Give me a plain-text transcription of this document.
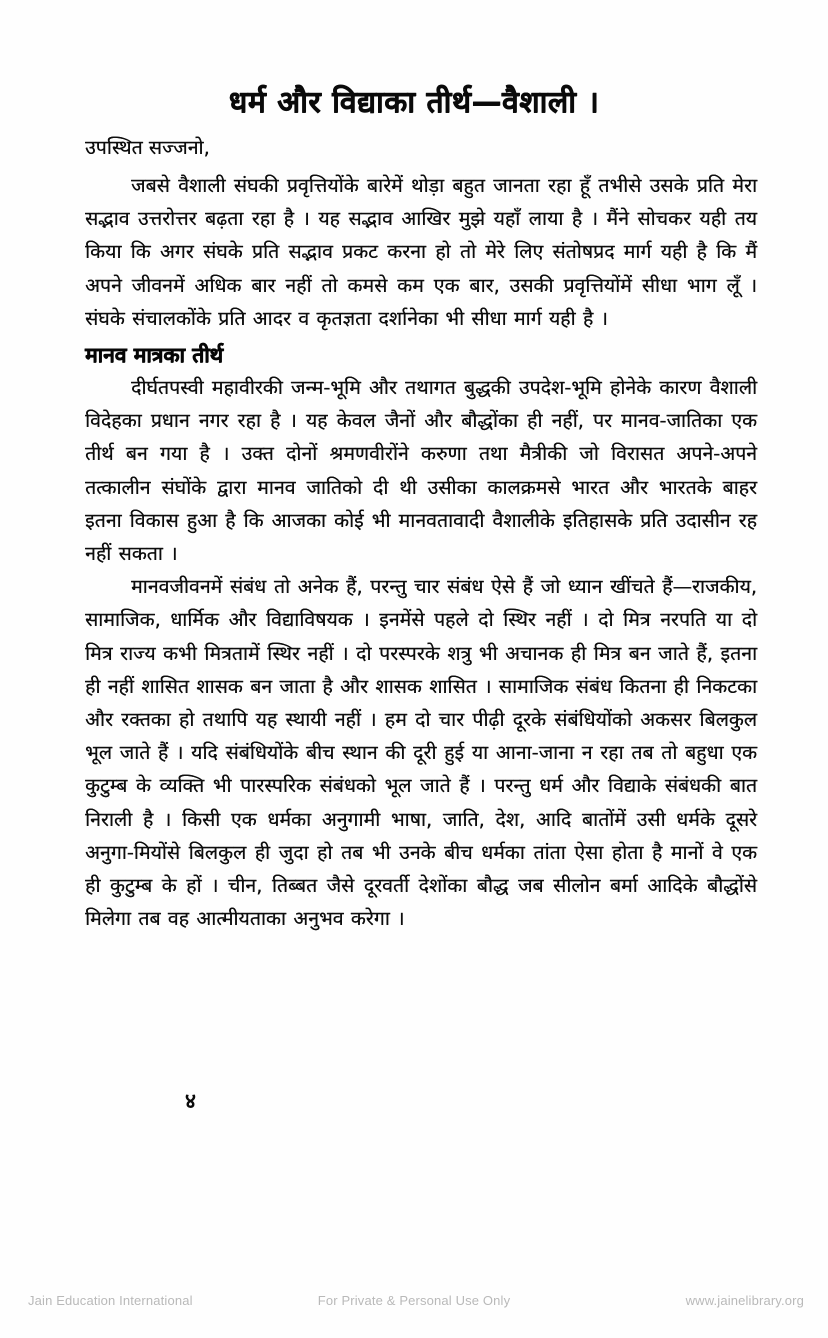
धर्म और विद्याका तीर्थ—वैशाली ।

उपस्थित सज्जनो,

जबसे वैशाली संघकी प्रवृत्तियोंके बारेमें थोड़ा बहुत जानता रहा हूँ तभीसे उसके प्रति मेरा सद्भाव उत्तरोत्तर बढ़ता रहा है । यह सद्भाव आखिर मुझे यहाँ लाया है । मैंने सोचकर यही तय किया कि अगर संघके प्रति सद्भाव प्रकट करना हो तो मेरे लिए संतोषप्रद मार्ग यही है कि मैं अपने जीवनमें अधिक बार नहीं तो कमसे कम एक बार, उसकी प्रवृत्तियोंमें सीधा भाग लूँ । संघके संचालकोंके प्रति आदर व कृतज्ञता दर्शानेका भी सीधा मार्ग यही है ।

मानव मात्रका तीर्थ

दीर्घतपस्वी महावीरकी जन्म-भूमि और तथागत बुद्धकी उपदेश-भूमि होनेके कारण वैशाली विदेहका प्रधान नगर रहा है । यह केवल जैनों और बौद्धोंका ही नहीं, पर मानव-जातिका एक तीर्थ बन गया है । उक्त दोनों श्रमणवीरोंने करुणा तथा मैत्रीकी जो विरासत अपने-अपने तत्कालीन संघोंके द्वारा मानव जातिको दी थी उसीका कालक्रमसे भारत और भारतके बाहर इतना विकास हुआ है कि आजका कोई भी मानवतावादी वैशालीके इतिहासके प्रति उदासीन रह नहीं सकता ।

मानवजीवनमें संबंध तो अनेक हैं, परन्तु चार संबंध ऐसे हैं जो ध्यान खींचते हैं—राजकीय, सामाजिक, धार्मिक और विद्याविषयक । इनमेंसे पहले दो स्थिर नहीं । दो मित्र नरपति या दो मित्र राज्य कभी मित्रतामें स्थिर नहीं । दो परस्परके शत्रु भी अचानक ही मित्र बन जाते हैं, इतना ही नहीं शासित शासक बन जाता है और शासक शासित । सामाजिक संबंध कितना ही निकटका और रक्तका हो तथापि यह स्थायी नहीं । हम दो चार पीढ़ी दूरके संबंधियोंको अकसर बिलकुल भूल जाते हैं । यदि संबंधियोंके बीच स्थान की दूरी हुई या आना-जाना न रहा तब तो बहुधा एक कुटुम्ब के व्यक्ति भी पारस्परिक संबंधको भूल जाते हैं । परन्तु धर्म और विद्याके संबंधकी बात निराली है । किसी एक धर्मका अनुगामी भाषा, जाति, देश, आदि बातोंमें उसी धर्मके दूसरे अनुगा-मियोंसे बिलकुल ही जुदा हो तब भी उनके बीच धर्मका तांता ऐसा होता है मानों वे एक ही कुटुम्ब के हों । चीन, तिब्बत जैसे दूरवर्ती देशोंका बौद्ध जब सीलोन बर्मा आदिके बौद्धोंसे मिलेगा तब वह आत्मीयताका अनुभव करेगा ।

४
Jain Education International	For Private & Personal Use Only	www.jainelibrary.org
